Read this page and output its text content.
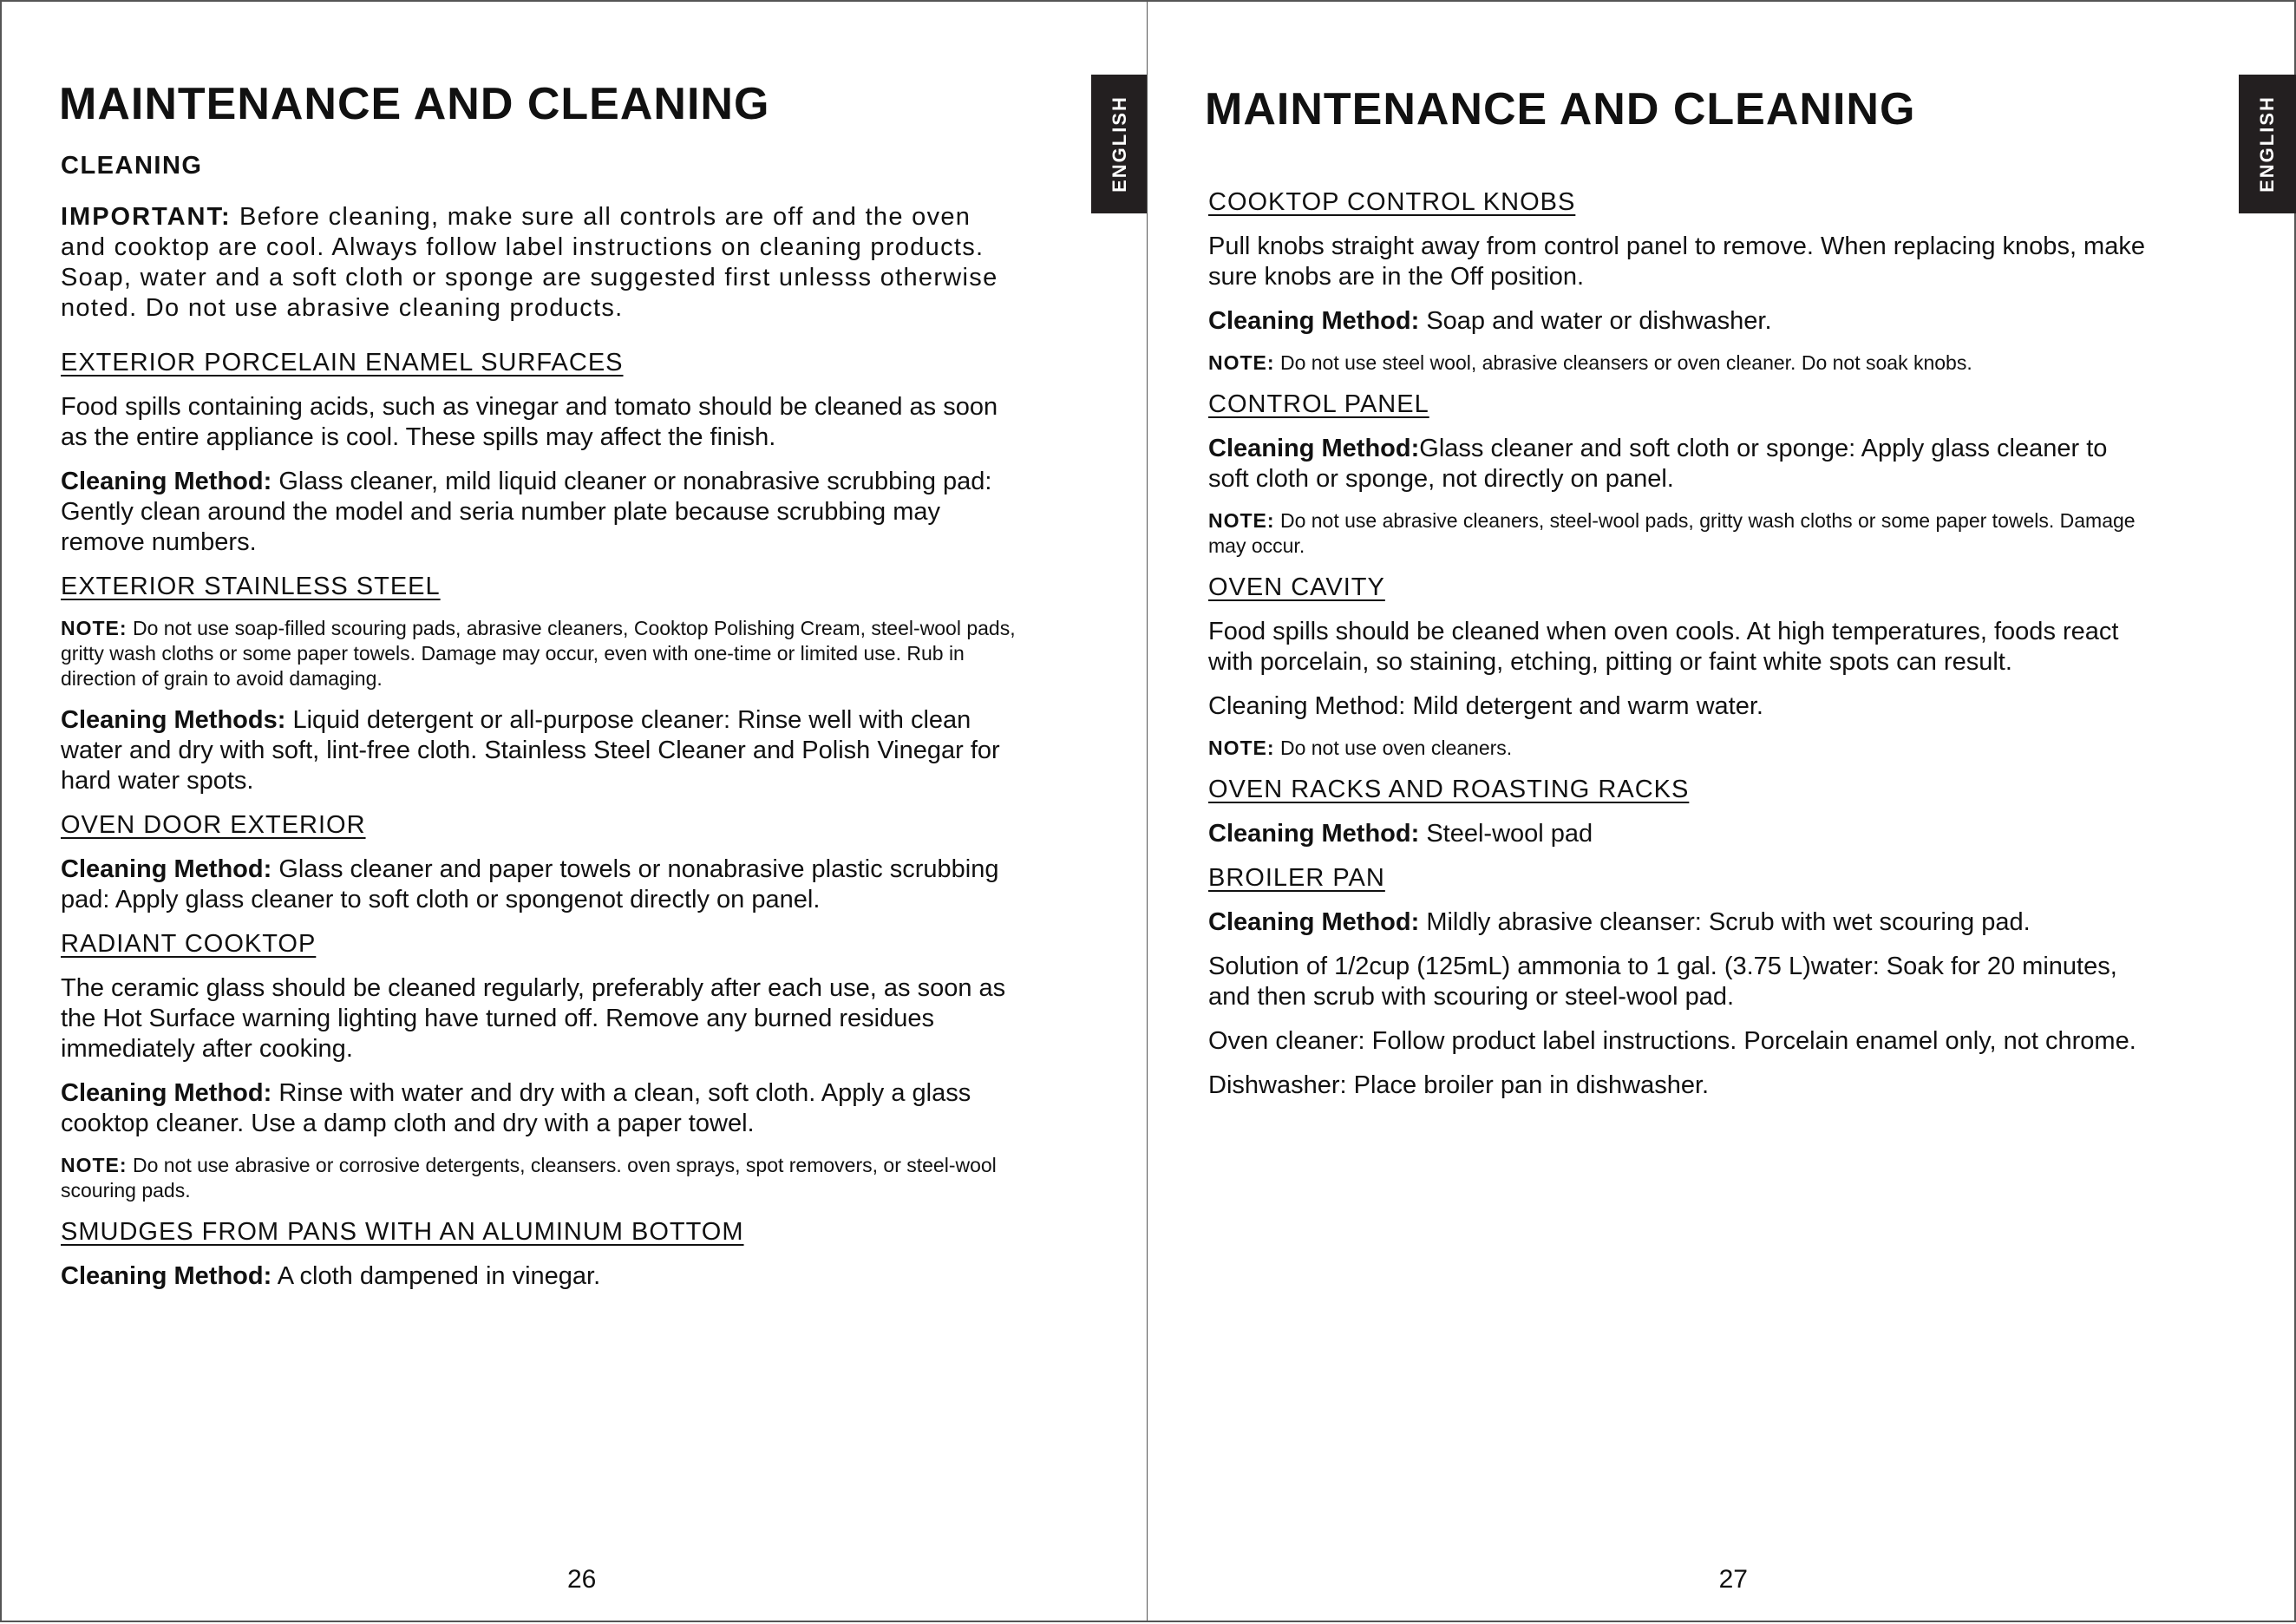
MAINTENANCE AND CLEANING	ENGLISH

CLEANING

IMPORTANT: Before cleaning, make sure all controls are off and the oven and cooktop are cool. Always follow label instructions on cleaning products. Soap, water and a soft cloth or sponge are suggested first unlesss otherwise noted. Do not use abrasive cleaning products.

EXTERIOR PORCELAIN ENAMEL SURFACES

Food spills containing acids, such as vinegar and tomato should be cleaned as soon as the entire appliance is cool. These spills may affect the finish.

Cleaning Method: Glass cleaner, mild liquid cleaner or nonabrasive scrubbing pad: Gently clean around the model and seria number plate because scrubbing may remove numbers.

EXTERIOR STAINLESS STEEL

NOTE: Do not use soap-filled scouring pads, abrasive cleaners, Cooktop Polishing Cream, steel-wool pads, gritty wash cloths or some paper towels. Damage may occur, even with one-time or limited use. Rub in direction of grain to avoid damaging.

Cleaning Methods: Liquid detergent or all-purpose cleaner: Rinse well with clean water and dry with soft, lint-free cloth. Stainless Steel Cleaner and Polish Vinegar for hard water spots.

OVEN DOOR EXTERIOR

Cleaning Method: Glass cleaner and paper towels or nonabrasive plastic scrubbing pad: Apply glass cleaner to soft cloth or spongenot directly on panel.

RADIANT COOKTOP

The ceramic glass should be cleaned regularly, preferably after each use, as soon as the Hot Surface warning lighting have turned off. Remove any burned residues immediately after cooking.

Cleaning Method: Rinse with water and dry with a clean, soft cloth. Apply a glass cooktop cleaner. Use a damp cloth and dry with a paper towel.

NOTE: Do not use abrasive or corrosive detergents, cleansers. oven sprays, spot removers, or steel-wool scouring pads.

SMUDGES FROM PANS WITH AN ALUMINUM BOTTOM

Cleaning Method: A cloth dampened in vinegar.

26
MAINTENANCE AND CLEANING	ENGLISH

COOKTOP CONTROL KNOBS

Pull knobs straight away from control panel to remove. When replacing knobs, make sure knobs are in the Off position.

Cleaning Method: Soap and water or dishwasher.

NOTE: Do not use steel wool, abrasive cleansers or oven cleaner. Do not soak knobs.

CONTROL PANEL

Cleaning Method:Glass cleaner and soft cloth or sponge: Apply glass cleaner to soft cloth or sponge, not directly on panel.

NOTE: Do not use abrasive cleaners, steel-wool pads, gritty wash cloths or some paper towels. Damage may occur.

OVEN CAVITY

Food spills should be cleaned when oven cools. At high temperatures, foods react with porcelain, so staining, etching, pitting or faint white spots can result.

Cleaning Method: Mild detergent and warm water.

NOTE: Do not use oven cleaners.

OVEN RACKS AND ROASTING RACKS

Cleaning Method: Steel-wool pad

BROILER PAN

Cleaning Method: Mildly abrasive cleanser: Scrub with wet scouring pad.

Solution of 1/2cup (125mL) ammonia to 1 gal. (3.75 L)water: Soak for 20 minutes, and then scrub with scouring or steel-wool pad.

Oven cleaner: Follow product label instructions. Porcelain enamel only, not chrome.

Dishwasher: Place broiler pan in dishwasher.

27
